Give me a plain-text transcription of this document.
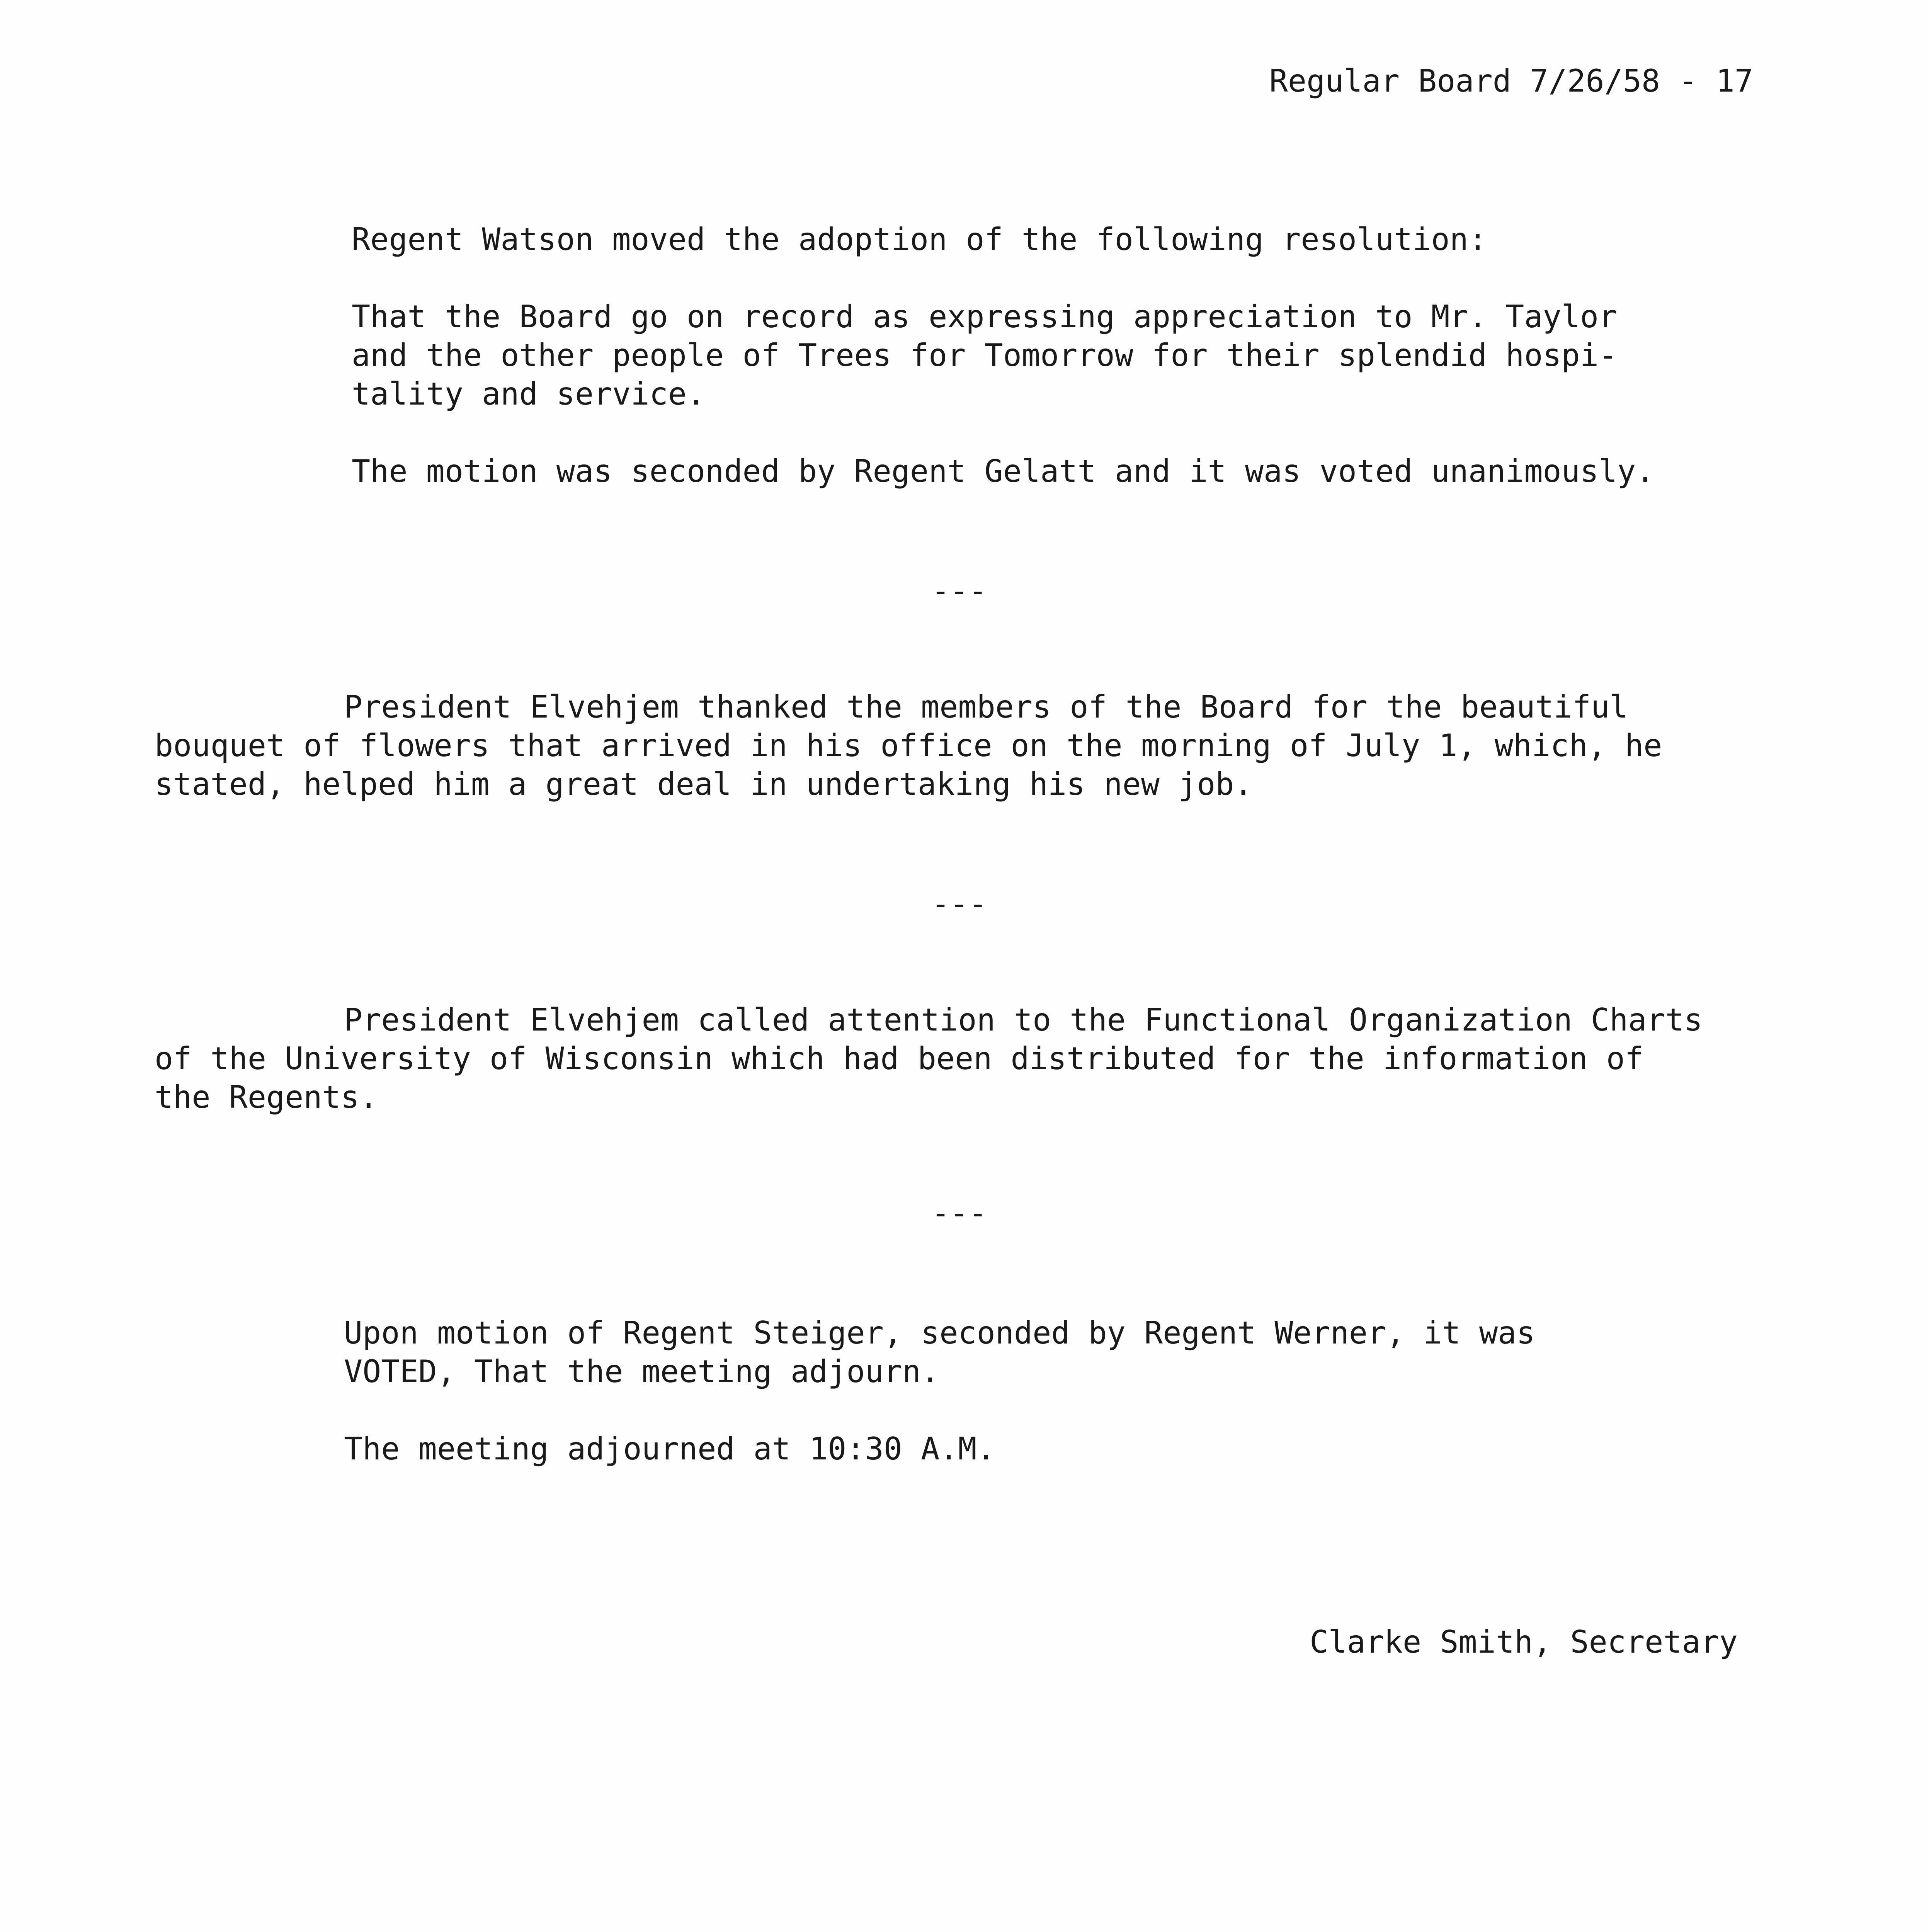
Regular Board 7/26/58 - 17
Regent Watson moved the adoption of the following resolution:
That the Board go on record as expressing appreciation to Mr. Taylor
and the other people of Trees for Tomorrow for their splendid hospi-
tality and service.
The motion was seconded by Regent Gelatt and it was voted unanimously.
---
President Elvehjem thanked the members of the Board for the beautiful
bouquet of flowers that arrived in his office on the morning of July 1, which, he
stated, helped him a great deal in undertaking his new job.
---
President Elvehjem called attention to the Functional Organization Charts
of the University of Wisconsin which had been distributed for the information of
the Regents.
---
Upon motion of Regent Steiger, seconded by Regent Werner, it was
VOTED, That the meeting adjourn.
The meeting adjourned at 10:30 A.M.
Clarke Smith, Secretary
